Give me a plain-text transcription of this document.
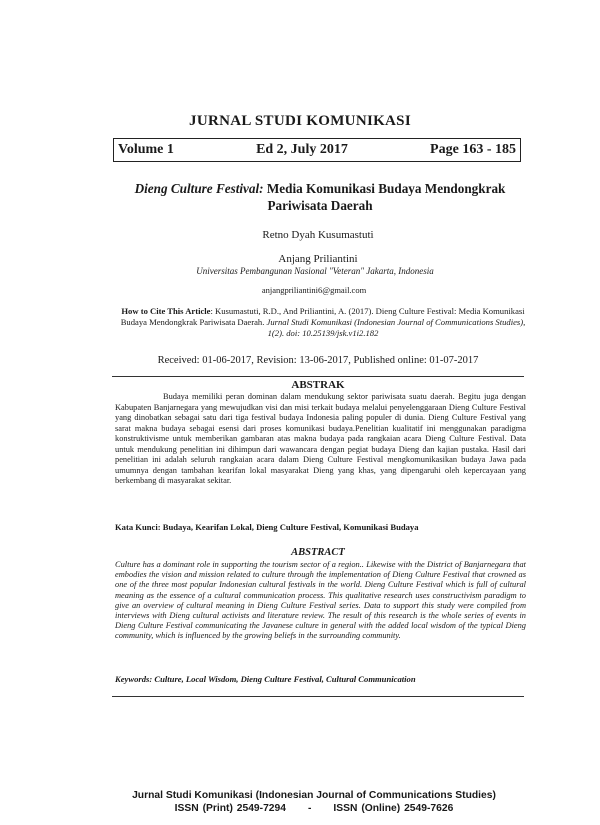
JURNAL STUDI KOMUNIKASI
Volume 1	Ed 2, July 2017	Page 163 - 185
Dieng Culture Festival: Media Komunikasi Budaya Mendongkrak Pariwisata Daerah
Retno Dyah Kusumastuti
Anjang Priliantini
Universitas Pembangunan Nasional "Veteran" Jakarta, Indonesia
anjangpriliantini6@gmail.com
How to Cite This Article: Kusumastuti, R.D., And Priliantini, A. (2017). Dieng Culture Festival: Media Komunikasi Budaya Mendongkrak Pariwisata Daerah. Jurnal Studi Komunikasi (Indonesian Journal of Communications Studies), 1(2). doi: 10.25139/jsk.v1i2.182
Received: 01-06-2017, Revision: 13-06-2017, Published online: 01-07-2017
ABSTRAK
Budaya memiliki peran dominan dalam mendukung sektor pariwisata suatu daerah. Begitu juga dengan Kabupaten Banjarnegara yang mewujudkan visi dan misi terkait budaya melalui penyelenggaraan Dieng Culture Festival yang dinobatkan sebagai satu dari tiga festival budaya Indonesia paling populer di dunia. Dieng Culture Festival yang sarat makna budaya sebagai esensi dari proses komunikasi budaya.Penelitian kualitatif ini menggunakan paradigma konstruktivisme untuk memberikan gambaran atas makna budaya pada rangkaian acara Dieng Culture Festival. Data untuk mendukung penelitian ini dihimpun dari wawancara dengan pegiat budaya Dieng dan kajian pustaka. Hasil dari penelitian ini adalah seluruh rangkaian acara dalam Dieng Culture Festival mengkomunikasikan budaya Jawa pada umumnya dengan tambahan kearifan lokal masyarakat Dieng yang khas, yang dipengaruhi oleh kepercayaan yang berkembang di masyarakat sekitar.
Kata Kunci: Budaya, Kearifan Lokal, Dieng Culture Festival, Komunikasi Budaya
ABSTRACT
Culture has a dominant role in supporting the tourism sector of a region.. Likewise with the District of Banjarnegara that embodies the vision and mission related to culture through the implementation of Dieng Culture Festival that crowned as one of the three most popular Indonesian cultural festivals in the world. Dieng Culture Festival which is full of cultural meaning as the essence of a cultural communication process. This qualitative research uses constructivism paradigm to give an overview of cultural meaning in Dieng Culture Festival series. Data to support this study were compiled from interviews with Dieng cultural activists and literature review. The result of this research is the whole series of events in Dieng Culture Festival communicating the Javanese culture in general with the added local wisdom of the typical Dieng community, which is influenced by the growing beliefs in the surrounding community.
Keywords: Culture, Local Wisdom, Dieng Culture Festival, Cultural Communication
Jurnal Studi Komunikasi (Indonesian Journal of Communications Studies)
ISSN (Print) 2549-7294 - ISSN (Online) 2549-7626
